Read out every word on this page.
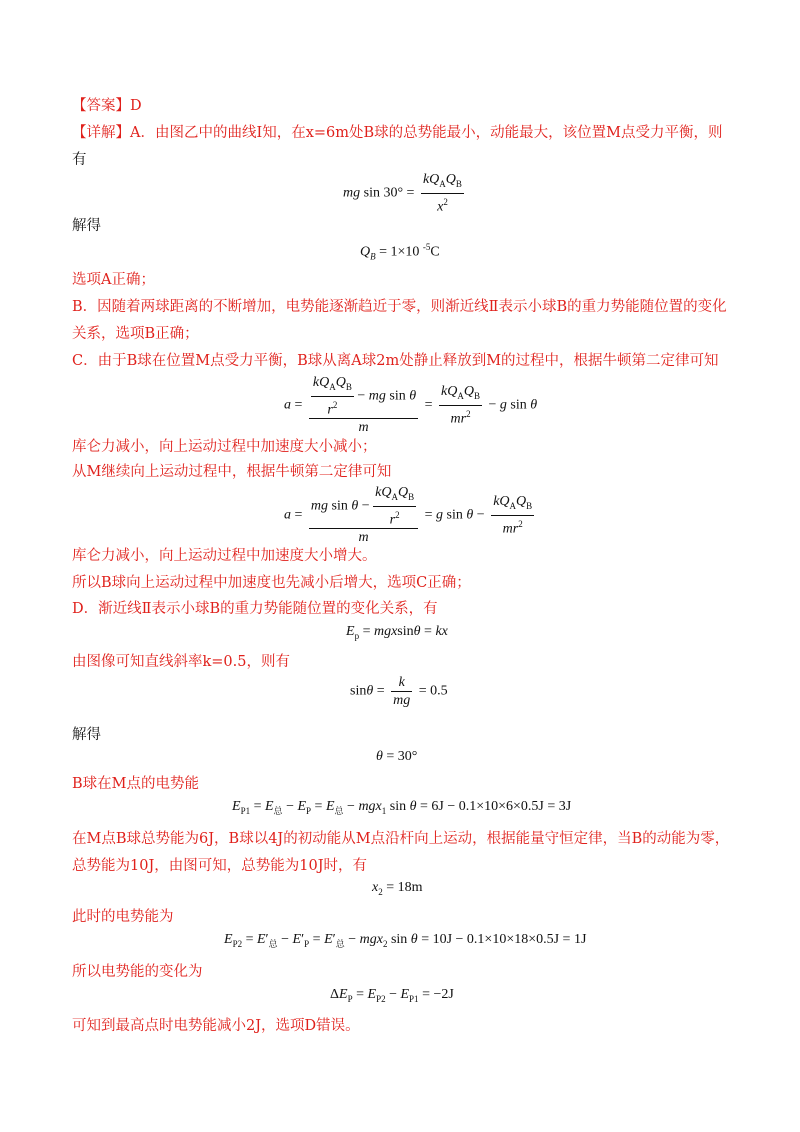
【答案】D
【详解】A．由图乙中的曲线Ⅰ知，在x=6m处B球的总势能最小，动能最大，该位置M点受力平衡，则
有
mg $\sin 30^\circ = \frac{kQ_AQ_B}{x^2}$
解得
$Q_B = 1\times 10$ $^{-5}$C
选项A正确；
B．因随着两球距离的不断增加，电势能逐渐趋近于零，则渐近线Ⅱ表示小球B的重力势能随位置的变化
关系，选项B正确；
C．由于B球在位置M点受力平衡，B球从离A球2m处静止释放到M的过程中，根据牛顿第二定律可知
$a = \frac{\frac{kQ_AQ_B}{r^2} - mg \sin \theta}{m} = \frac{kQ_AQ_B}{mr^2} - g$ sin θ
库仑力减小，向上运动过程中加速度大小减小；
从M继续向上运动过程中，根据牛顿第二定律可知
$a = \frac{mg \sin \theta - \frac{kQ_AQ_B}{r^2}}{m} = g$ $\sin \theta - \frac{kQ_AQ_B}{mr^2}$
库仑力减小，向上运动过程中加速度大小增大。
所以B球向上运动过程中加速度也先减小后增大，选项C正确；
D．渐近线Ⅱ表示小球B的重力势能随位置的变化关系，有
$E_p = mgxsin\theta$ = kx
由图像可知直线斜率k=0.5，则有
$\sin\theta = \frac{k}{mg} = 0.5$
解得
θ = 30°
B球在M点的电势能
$E_{P1} = E_总 - E_P = E_总 - mgx_1$ sin θ = 6J − 0.1×10×6×0.5J = 3J
在M点B球总势能为6J，B球以4J的初动能从M点沿杆向上运动，根据能量守恒定律，当B的动能为零，
总势能为10J，由图可知，总势能为10J时，有
$x_2 = 18m$
此时的电势能为
$E_{P2} = E'_总 - E'_P = E'_总 - mgx_2$ sin θ = 10J − 0.1×10×18×0.5J = 1J
所以电势能的变化为
$\Delta E_P = E_{P2} - E_{P1} = -2J$
可知到最高点时电势能减小2J，选项D错误。
